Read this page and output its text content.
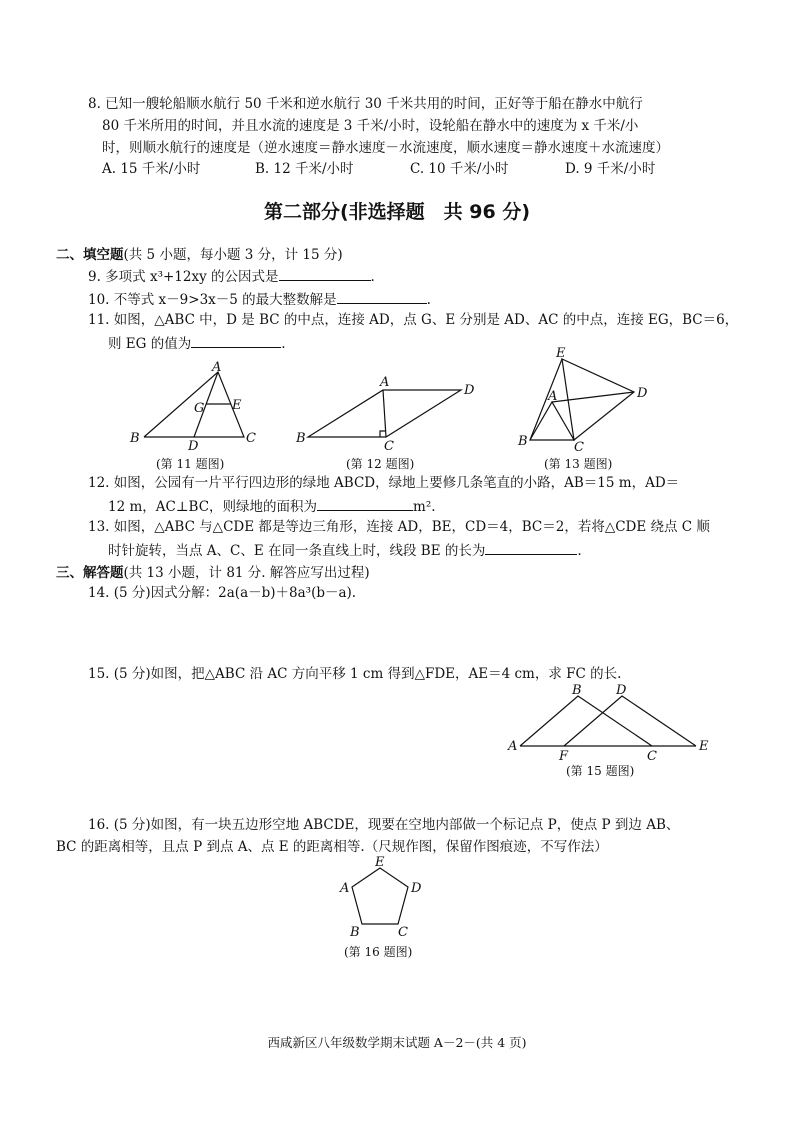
8. 已知一艘轮船顺水航行 50 千米和逆水航行 30 千米共用的时间，正好等于船在静水中航行
80 千米所用的时间，并且水流的速度是 3 千米/小时，设轮船在静水中的速度为 x 千米/小
时，则顺水航行的速度是（逆水速度＝静水速度－水流速度，顺水速度＝静水速度＋水流速度）
A. 15 千米/小时	B. 12 千米/小时	C. 10 千米/小时	D. 9 千米/小时
第二部分(非选择题　共 96 分)
二、填空题(共 5 小题，每小题 3 分，计 15 分)
9. 多项式 x³+12xy 的公因式是	.
10. 不等式 x－9>3x－5 的最大整数解是	.
11. 如图，△ABC 中，D 是 BC 的中点，连接 AD，点 G、E 分别是 AD、AC 的中点，连接 EG，BC＝6，
则 EG 的值为	.
A
G E
B
D
C
(第 11 题图)
A
D
B
C
(第 12 题图)
E
A	D
B	C
(第 13 题图)
12. 如图，公园有一片平行四边形的绿地 ABCD，绿地上要修几条笔直的小路，AB＝15 m，AD＝
12 m，AC⊥BC，则绿地的面积为	m².
13. 如图，△ABC 与△CDE 都是等边三角形，连接 AD，BE，CD＝4，BC＝2，若将△CDE 绕点 C 顺
时针旋转，当点 A、C、E 在同一条直线上时，线段 BE 的长为	.
三、解答题(共 13 小题，计 81 分. 解答应写出过程)
14. (5 分)因式分解：2a(a－b)＋8a³(b－a).
15. (5 分)如图，把△ABC 沿 AC 方向平移 1 cm 得到△FDE，AE＝4 cm，求 FC 的长.
B	D
A
F	C
E
(第 15 题图)
16. (5 分)如图，有一块五边形空地 ABCDE，现要在空地内部做一个标记点 P，使点 P 到边 AB、
BC 的距离相等，且点 P 到点 A、点 E 的距离相等.（尺规作图，保留作图痕迹，不写作法）
E
A	D
B	C
(第 16 题图)
西咸新区八年级数学期末试题 A－2－(共 4 页)
